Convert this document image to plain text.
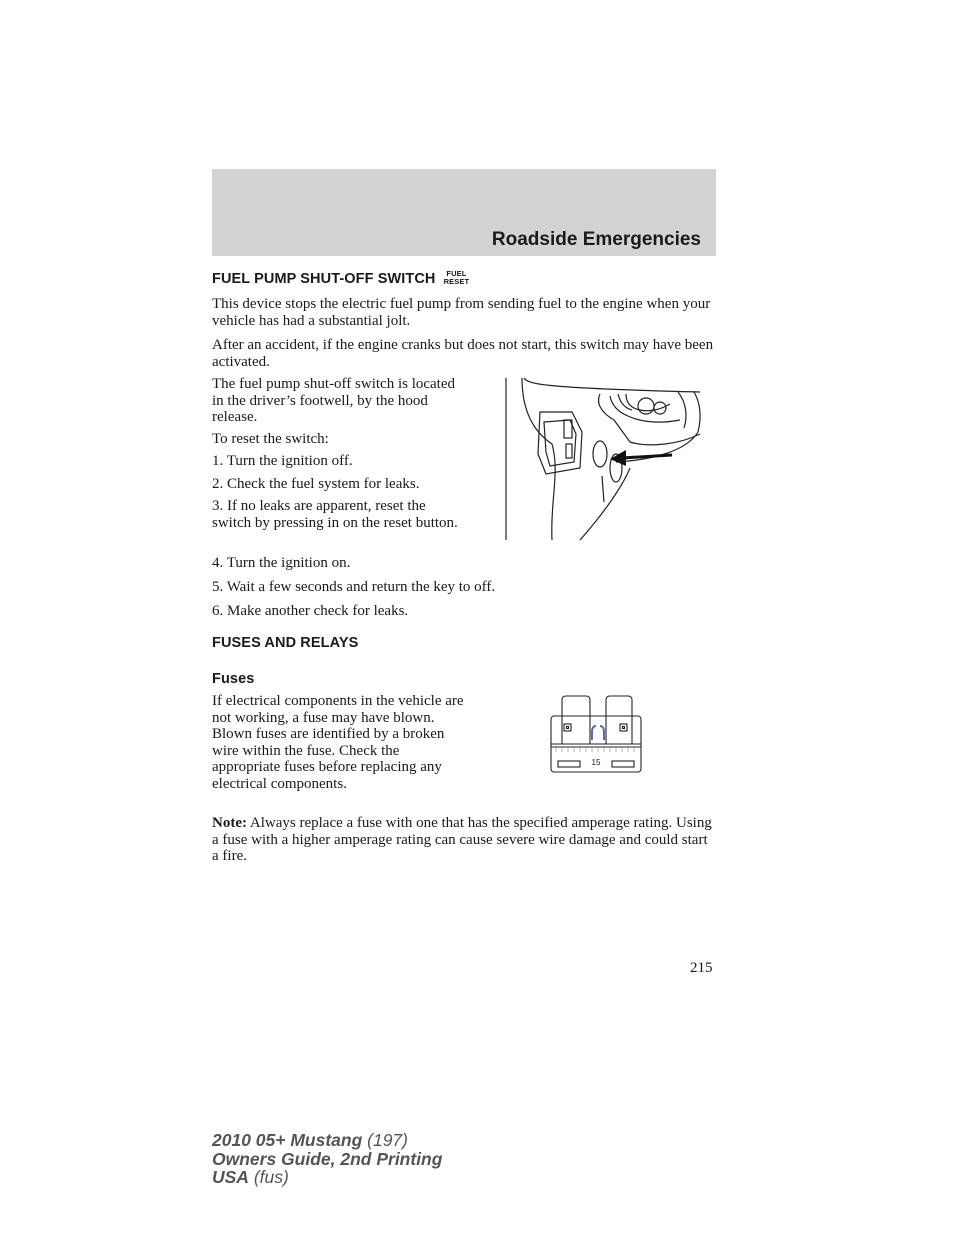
Roadside Emergencies
FUEL PUMP SHUT-OFF SWITCH	FUEL
RESET

This device stops the electric fuel pump from sending fuel to the engine when your vehicle has had a substantial jolt.

After an accident, if the engine cranks but does not start, this switch may have been activated.

The fuel pump shut-off switch is located in the driver’s footwell, by the hood release.

To reset the switch:

1. Turn the ignition off.

2. Check the fuel system for leaks.

3. If no leaks are apparent, reset the switch by pressing in on the reset button.

4. Turn the ignition on.

5. Wait a few seconds and return the key to off.

6. Make another check for leaks.

FUSES AND RELAYS
Fuses

If electrical components in the vehicle are not working, a fuse may have blown. Blown fuses are identified by a broken wire within the fuse. Check the appropriate fuses before replacing any electrical components.

15

Note: Always replace a fuse with one that has the specified amperage rating. Using a fuse with a higher amperage rating can cause severe wire damage and could start a fire.

215
2010 05+ Mustang (197)
Owners Guide, 2nd Printing
USA (fus)
